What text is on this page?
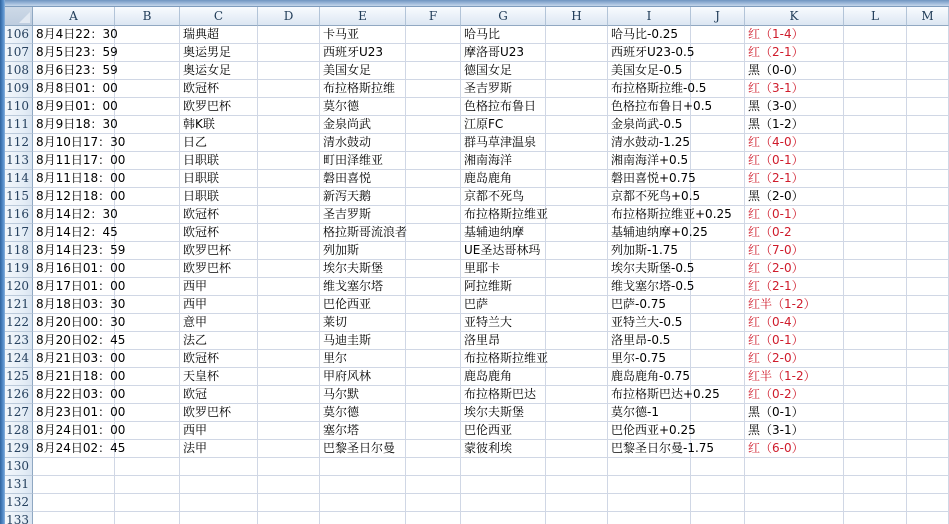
A	B	C	D	E	F	G	H	I	J	K	L	M
106 8月4日22：30	瑞典超	卡马亚	哈马比	哈马比-0.25	红（1-4）
107 8月5日23：59	奥运男足	西班牙U23	摩洛哥U23	西班牙U23-0.5	红（2-1）
108 8月6日23：59	奥运女足	美国女足	德国女足	美国女足-0.5	黑（0-0）
109 8月8日01：00	欧冠杯	布拉格斯拉维	圣吉罗斯	布拉格斯拉维-0.5	红（3-1）
110 8月9日01：00	欧罗巴杯	莫尔德	色格拉布鲁日	色格拉布鲁日+0.5	黑（3-0）
111 8月9日18：30	韩K联	金泉尚武	江原FC	金泉尚武-0.5	黑（1-2）
112 8月10日17：30	日乙	清水鼓动	群马草津温泉	清水鼓动-1.25	红（4-0）
113 8月11日17：00	日职联	町田泽维亚	湘南海洋	湘南海洋+0.5	红（0-1）
114 8月11日18：00	日职联	磐田喜悦	鹿岛鹿角	磐田喜悦+0.75	红（2-1）
115 8月12日18：00	日职联	新泻天鹅	京都不死鸟	京都不死鸟+0.5	黑（2-0）
116 8月14日2：30	欧冠杯	圣吉罗斯	布拉格斯拉维亚	布拉格斯拉维亚+0.25 红（0-1）
117 8月14日2：45	欧冠杯	格拉斯哥流浪者	基辅迪纳摩	基辅迪纳摩+0.25	红（0-2
118 8月14日23：59	欧罗巴杯	列加斯	UE圣达哥林玛	列加斯-1.75	红（7-0）
119 8月16日01：00	欧罗巴杯	埃尔夫斯堡	里耶卡	埃尔夫斯堡-0.5	红（2-0）
120 8月17日01：00	西甲	维戈塞尔塔	阿拉维斯	维戈塞尔塔-0.5	红（2-1）
121 8月18日03：30	西甲	巴伦西亚	巴萨	巴萨-0.75	红半（1-2）
122 8月20日00：30	意甲	莱切	亚特兰大	亚特兰大-0.5	红（0-4）
123 8月20日02：45	法乙	马迪圭斯	洛里昂	洛里昂-0.5	红（0-1）
124 8月21日03：00	欧冠杯	里尔	布拉格斯拉维亚	里尔-0.75	红（2-0）
125 8月21日18：00	天皇杯	甲府风林	鹿岛鹿角	鹿岛鹿角-0.75	红半（1-2）
126 8月22日03：00	欧冠	马尔默	布拉格斯巴达	布拉格斯巴达+0.25 红（0-2）
127 8月23日01：00	欧罗巴杯	莫尔德	埃尔夫斯堡	莫尔德-1	黑（0-1）
128 8月24日01：00	西甲	塞尔塔	巴伦西亚	巴伦西亚+0.25	黑（3-1）
129 8月24日02：45	法甲	巴黎圣日尔曼	蒙彼利埃	巴黎圣日尔曼-1.75	红（6-0）
130
131
132
133
